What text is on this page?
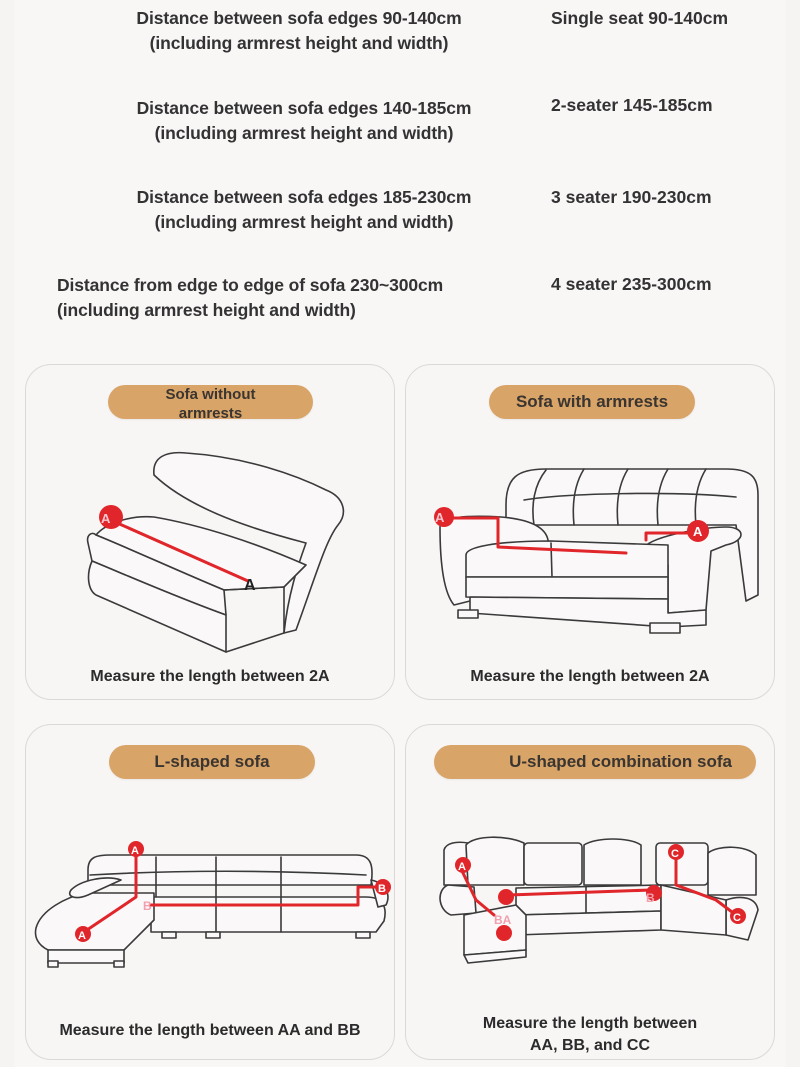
Distance between sofa edges 90-140cm
(including armrest height and width)
Single seat 90-140cm
Distance between sofa edges 140-185cm
(including armrest height and width)
2-seater 145-185cm
Distance between sofa edges 185-230cm
(including armrest height and width)
3 seater 190-230cm
Distance from edge to edge of sofa 230~300cm
(including armrest height and width)
4 seater 235-300cm
Sofa without
armrests
A
A
Measure the length between 2A
Sofa with armrests
A
A
Measure the length between 2A
L-shaped sofa
A
A
B
B
Measure the length between AA and BB
U-shaped combination sofa
A
BA
B
C
C
Measure the length between
AA, BB, and CC
